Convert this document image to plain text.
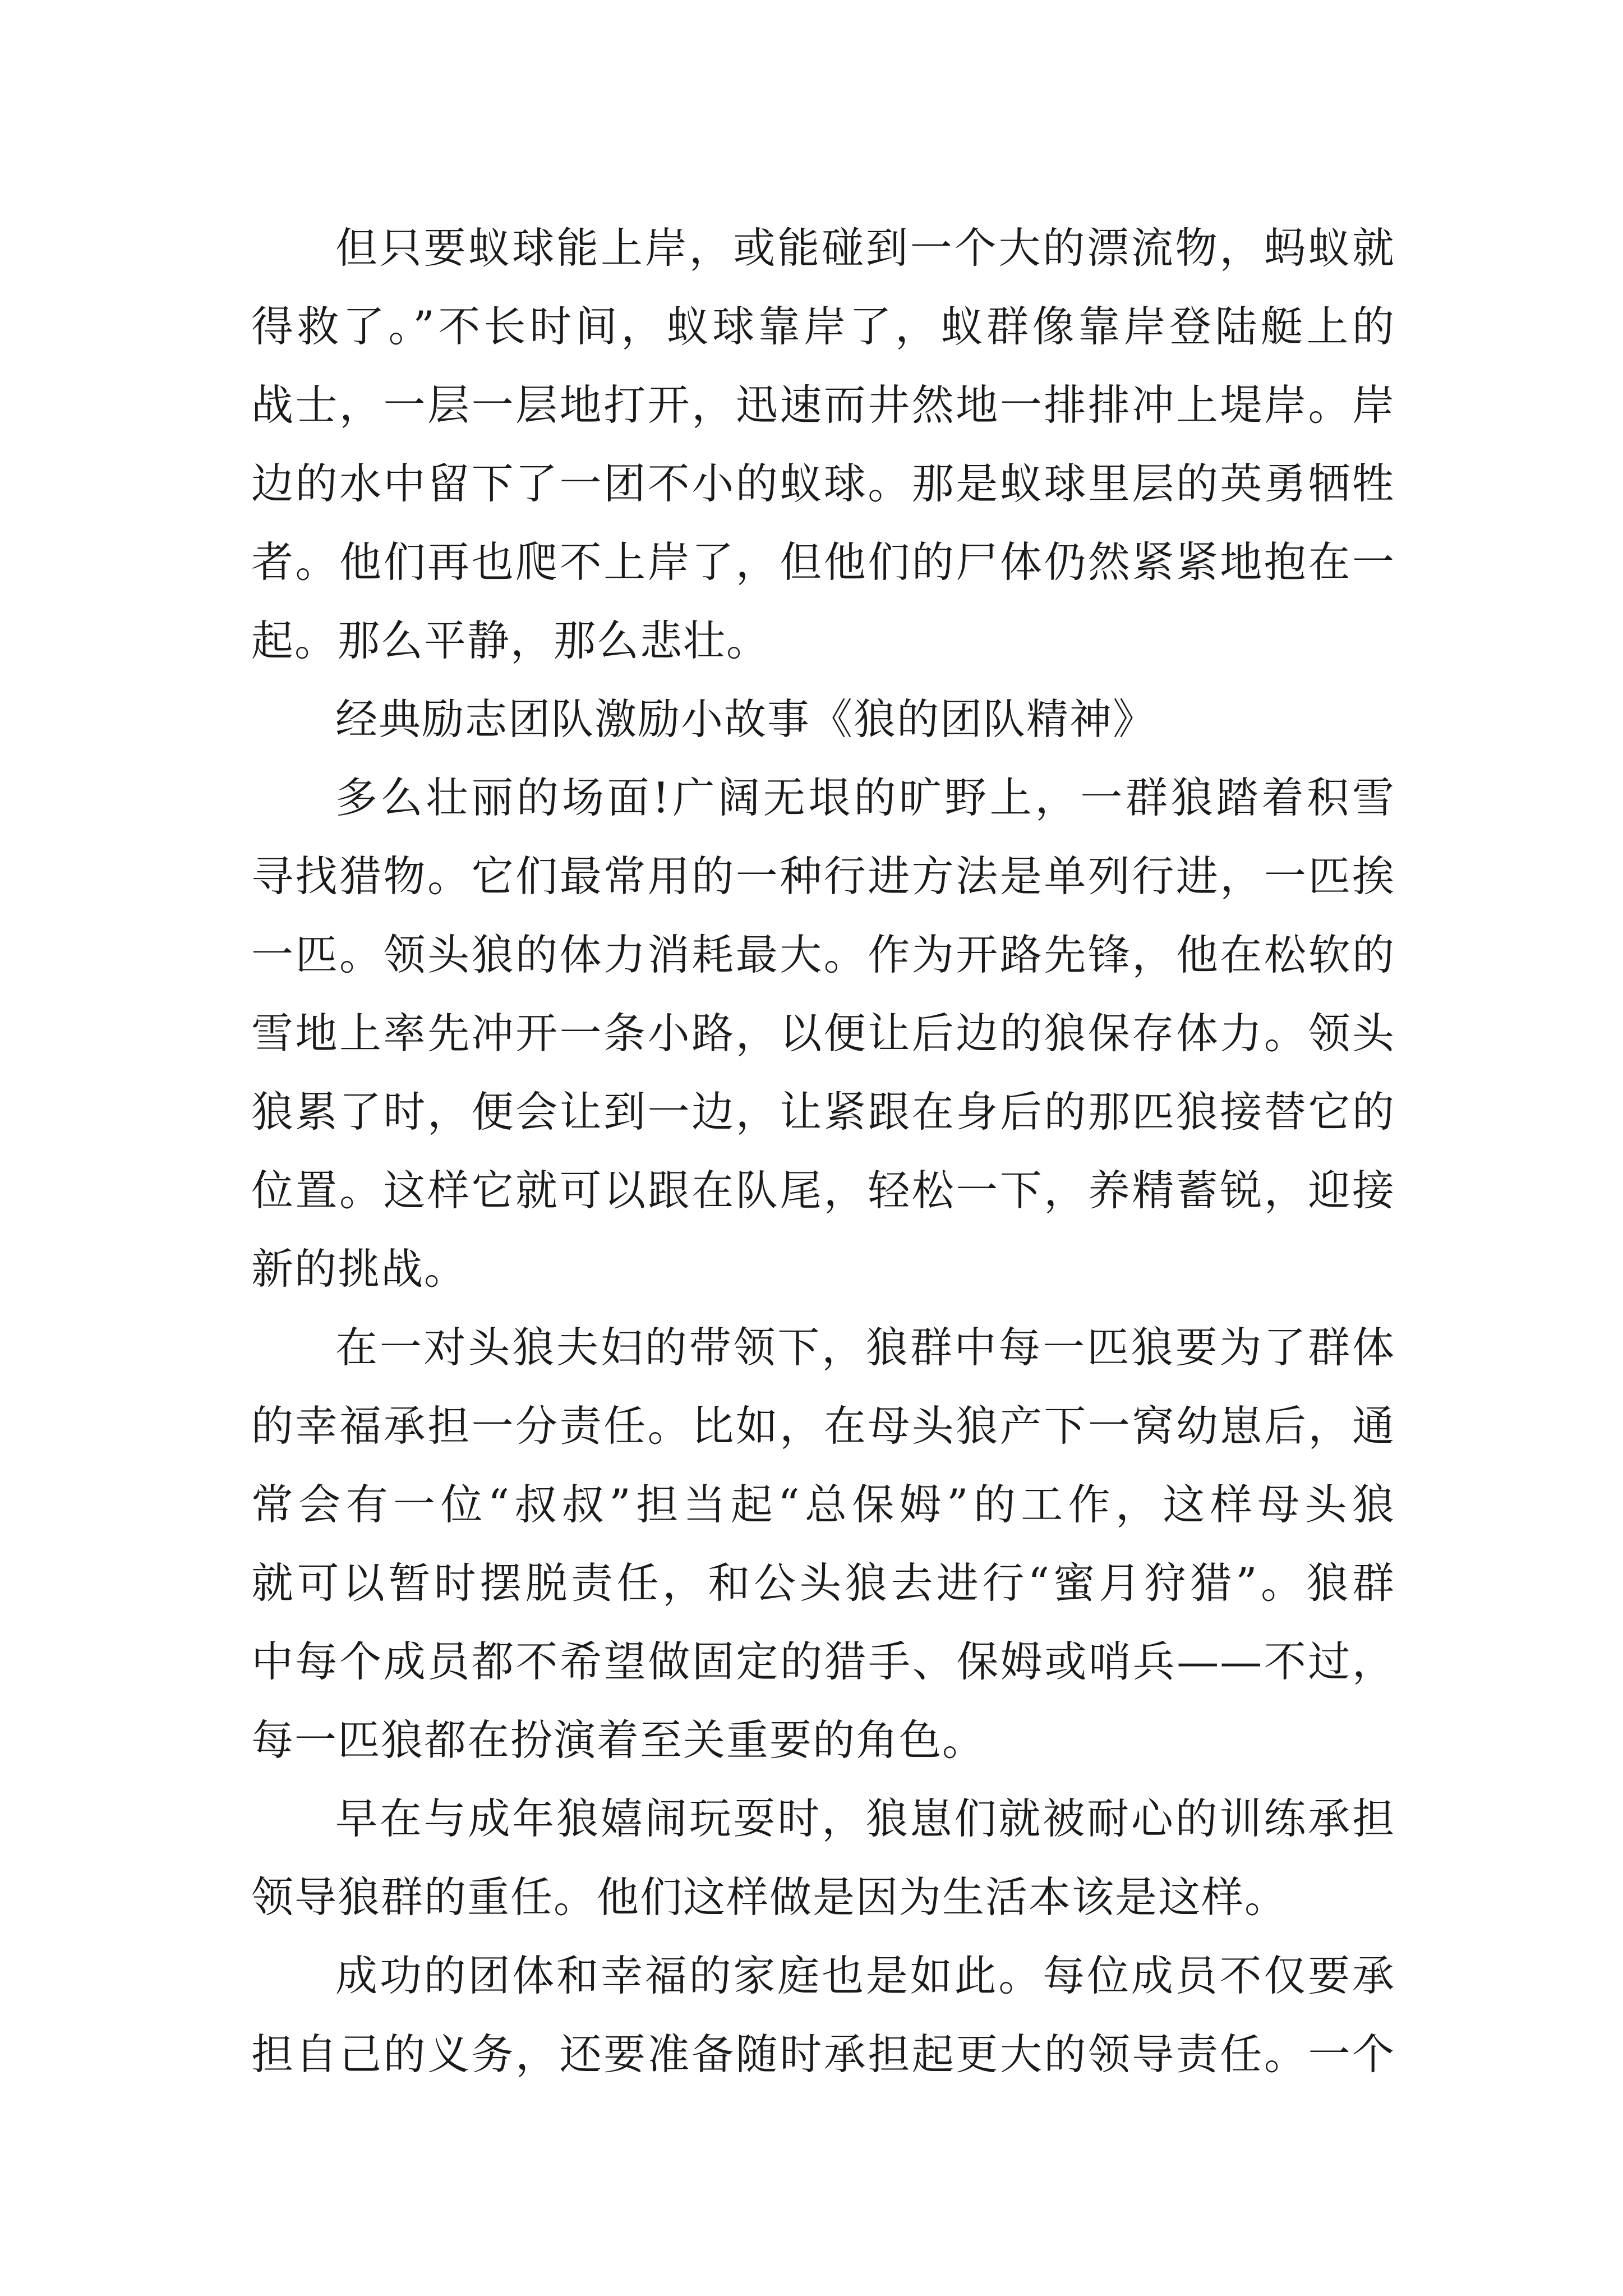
但只要蚁球能上岸，或能碰到一个大的漂流物，蚂蚁就
得救了。”不长时间，蚁球靠岸了，蚁群像靠岸登陆艇上的
战士，一层一层地打开，迅速而井然地一排排冲上堤岸。岸
边的水中留下了一团不小的蚁球。那是蚁球里层的英勇牺牲
者。他们再也爬不上岸了，但他们的尸体仍然紧紧地抱在一
起。那么平静，那么悲壮。
经典励志团队激励小故事《狼的团队精神》
多么壮丽的场面!广阔无垠的旷野上，一群狼踏着积雪
寻找猎物。它们最常用的一种行进方法是单列行进，一匹挨
一匹。领头狼的体力消耗最大。作为开路先锋，他在松软的
雪地上率先冲开一条小路，以便让后边的狼保存体力。领头
狼累了时，便会让到一边，让紧跟在身后的那匹狼接替它的
位置。这样它就可以跟在队尾，轻松一下，养精蓄锐，迎接
新的挑战。
在一对头狼夫妇的带领下，狼群中每一匹狼要为了群体
的幸福承担一分责任。比如，在母头狼产下一窝幼崽后，通
常会有一位“叔叔”担当起“总保姆”的工作，这样母头狼
就可以暂时摆脱责任，和公头狼去进行“蜜月狩猎”。狼群
中每个成员都不希望做固定的猎手、保姆或哨兵——不过，
每一匹狼都在扮演着至关重要的角色。
早在与成年狼嬉闹玩耍时，狼崽们就被耐心的训练承担
领导狼群的重任。他们这样做是因为生活本该是这样。
成功的团体和幸福的家庭也是如此。每位成员不仅要承
担自己的义务，还要准备随时承担起更大的领导责任。一个
